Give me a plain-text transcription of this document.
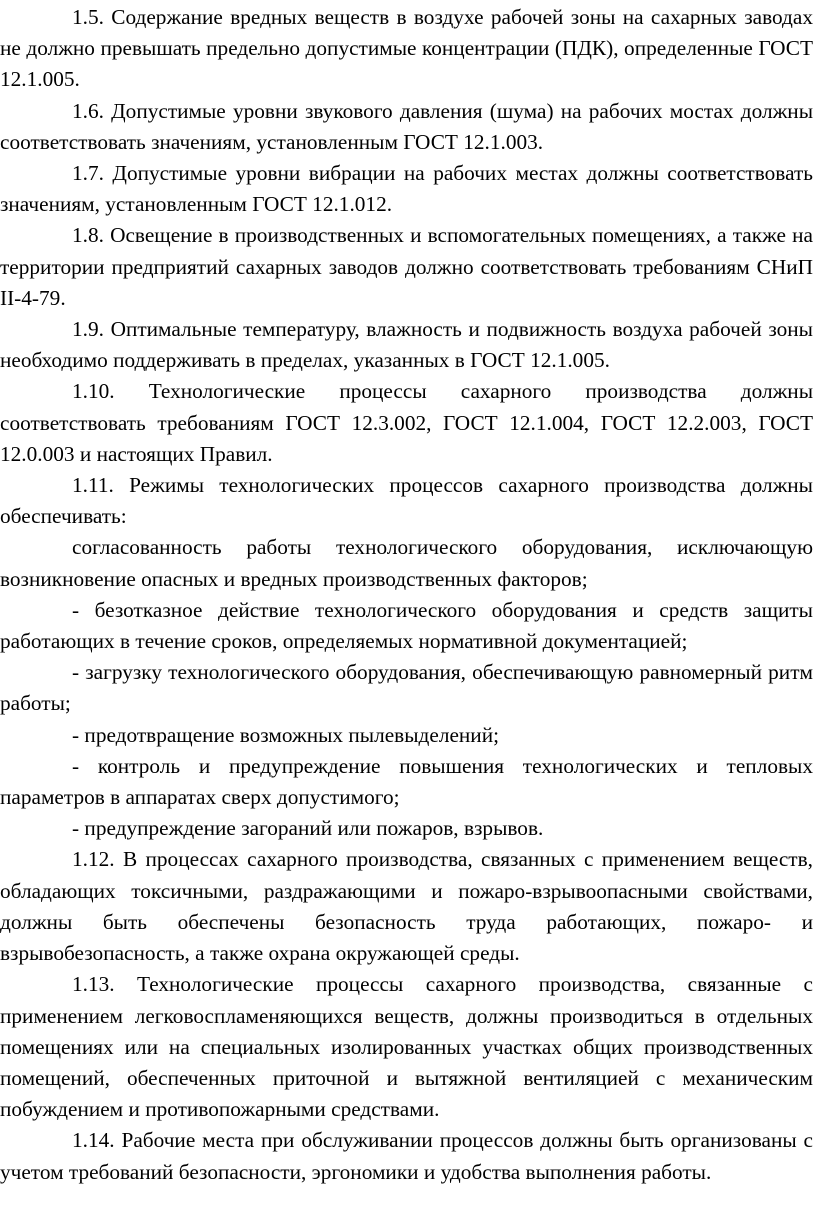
1.5. Содержание вредных веществ в воздухе рабочей зоны на сахарных заводах не должно превышать предельно допустимые концентрации (ПДК), определенные ГОСТ 12.1.005.

1.6. Допустимые уровни звукового давления (шума) на рабочих мостах должны соответствовать значениям, установленным ГОСТ 12.1.003.

1.7. Допустимые уровни вибрации на рабочих местах должны соответствовать значениям, установленным ГОСТ 12.1.012.

1.8. Освещение в производственных и вспомогательных помещениях, а также на территории предприятий сахарных заводов должно соответствовать требованиям СНиП II-4-79.

1.9. Оптимальные температуру, влажность и подвижность воздуха рабочей зоны необходимо поддерживать в пределах, указанных в ГОСТ 12.1.005.

1.10. Технологические процессы сахарного производства должны соответствовать требованиям ГОСТ 12.3.002, ГОСТ 12.1.004, ГОСТ 12.2.003, ГОСТ 12.0.003 и настоящих Правил.

1.11. Режимы технологических процессов сахарного производства должны обеспечивать:

согласованность работы технологического оборудования, исключающую возникновение опасных и вредных производственных факторов;

- безотказное действие технологического оборудования и средств защиты работающих в течение сроков, определяемых нормативной документацией;

- загрузку технологического оборудования, обеспечивающую равномерный ритм работы;

- предотвращение возможных пылевыделений;

- контроль и предупреждение повышения технологических и тепловых параметров в аппаратах сверх допустимого;

- предупреждение загораний или пожаров, взрывов.

1.12. В процессах сахарного производства, связанных с применением веществ, обладающих токсичными, раздражающими и пожаро-взрывоопасными свойствами, должны быть обеспечены безопасность труда работающих, пожаро- и взрывобезопасность, а также охрана окружающей среды.

1.13. Технологические процессы сахарного производства, связанные с применением легковоспламеняющихся веществ, должны производиться в отдельных помещениях или на специальных изолированных участках общих производственных помещений, обеспеченных приточной и вытяжной вентиляцией с механическим побуждением и противопожарными средствами.

1.14. Рабочие места при обслуживании процессов должны быть организованы с учетом требований безопасности, эргономики и удобства выполнения работы.
